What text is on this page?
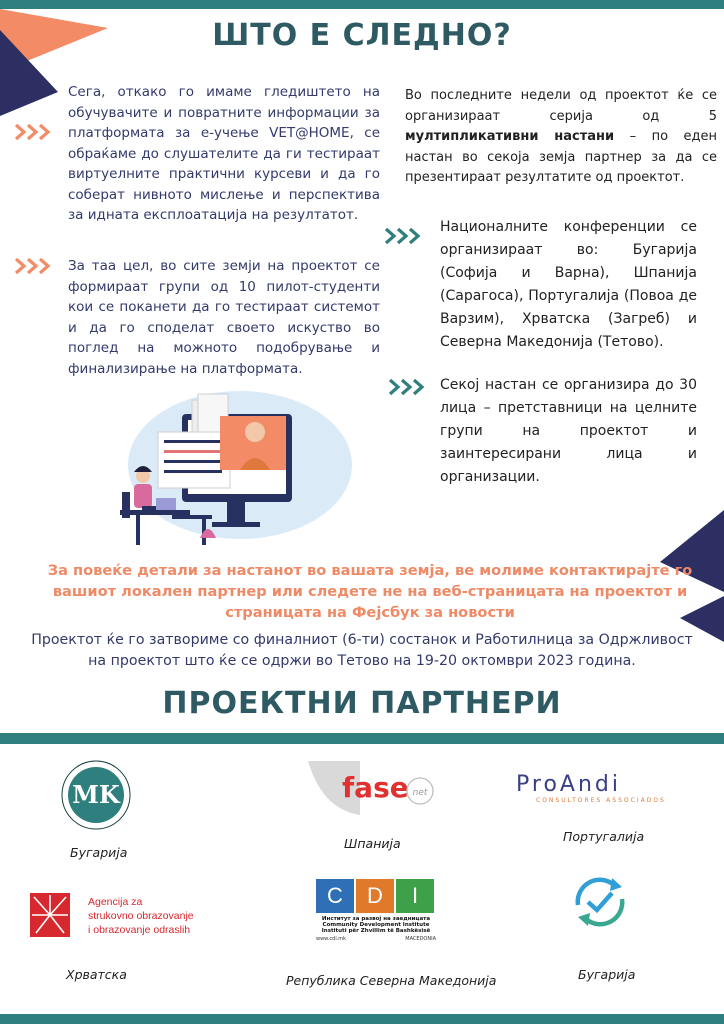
ШТО Е СЛЕДНО?

Сега, откако го имаме гледиштето на обучувачите и повратните информации за платформата за е-учење VET@HOME, се обраќаме до слушателите да ги тестираат виртуелните практични курсеви и да го соберат нивното мислење и перспектива за идната експлоатација на резултатот.

За таа цел, во сите земји на проектот се формираат групи од 10 пилот-студенти кои се поканети да го тестираат системот и да го споделат своето искуство во поглед на можното подобрување и финализирање на платформата.

Во последните недели од проектот ќе се организираат серија од 5 мултипликативни настани – по еден настан во секоја земја партнер за да се презентираат резултатите од проектот.

Националните конференции се организираат во: Бугарија (Софија и Варна), Шпанија (Сарагоса), Португалија (Повоа де Варзим), Хрватска (Загреб) и Северна Македонија (Тетово).

Секој настан се организира до 30 лица – претставници на целните групи на проектот и заинтересирани лица и организации.

За повеќе детали за настанот во вашата земја, ве молиме контактирајте го вашиот локален партнер или следете не на веб-страницата на проектот и страницата на Фејсбук за новости
Проектот ќе го затвориме со финалниот (6-ти) состанок и Работилница за Одржливост на проектот што ќе се одржи во Тетово на 19-20 октомври 2023 година.
ПРОЕКТНИ ПАРТНЕРИ
MK
Бугарија
fase net
Шпанија
ProAndi
CONSULTORES ASSOCIADOS
Португалија
Agencija za
strukovno obrazovanje
i obrazovanje odraslih
Хрватска
C	D	I
Институт за развој на заедницата
Community Development Institute
Instituti për Zhvillim të Bashkësisë
www.cdi.mk	MACEDONIA
Република Северна Македонија	Бугарија
